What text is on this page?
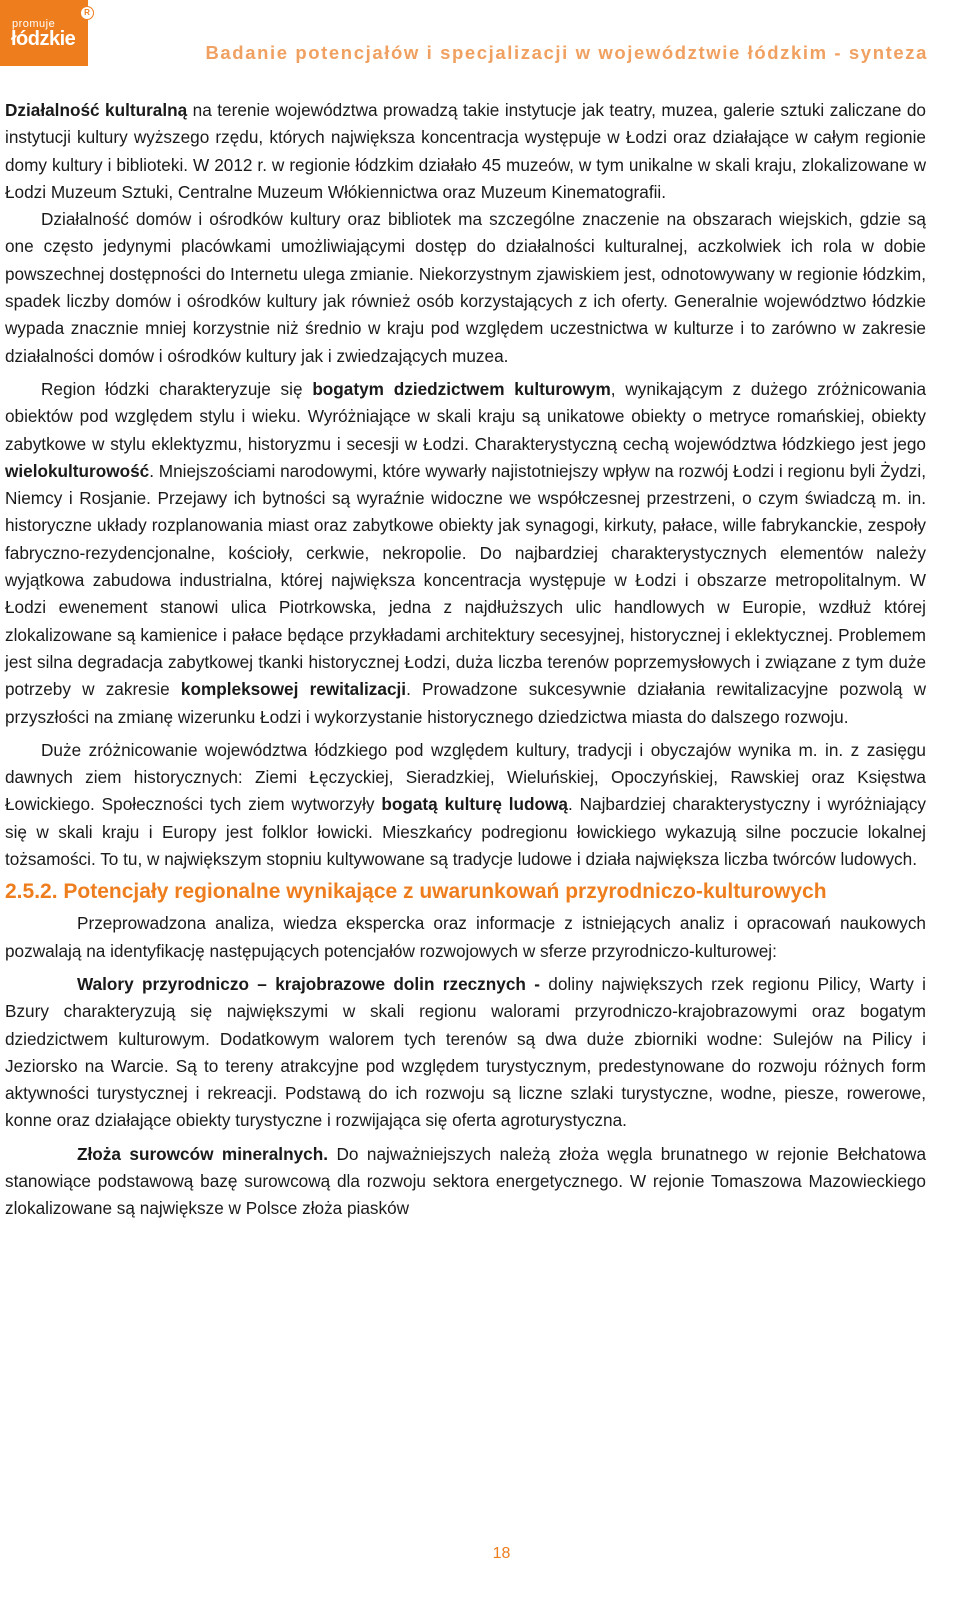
promuje
łódzkie
R
Badanie potencjałów i specjalizacji w województwie łódzkim - synteza

Działalność kulturalną na terenie województwa prowadzą takie instytucje jak teatry, muzea, galerie sztuki zaliczane do instytucji kultury wyższego rzędu, których największa koncentracja występuje w Łodzi oraz działające w całym regionie domy kultury i biblioteki. W 2012 r. w regionie łódzkim działało 45 muzeów, w tym unikalne w skali kraju, zlokalizowane w Łodzi Muzeum Sztuki, Centralne Muzeum Włókiennictwa oraz Muzeum Kinematografii.

Działalność domów i ośrodków kultury oraz bibliotek ma szczególne znaczenie na obszarach wiejskich, gdzie są one często jedynymi placówkami umożliwiającymi dostęp do działalności kulturalnej, aczkolwiek ich rola w dobie powszechnej dostępności do Internetu ulega zmianie. Niekorzystnym zjawiskiem jest, odnotowywany w regionie łódzkim, spadek liczby domów i ośrodków kultury jak również osób korzystających z ich oferty. Generalnie województwo łódzkie wypada znacznie mniej korzystnie niż średnio w kraju pod względem uczestnictwa w kulturze i to zarówno w zakresie działalności domów i ośrodków kultury jak i zwiedzających muzea.

Region łódzki charakteryzuje się bogatym dziedzictwem kulturowym, wynikającym z dużego zróżnicowania obiektów pod względem stylu i wieku. Wyróżniające w skali kraju są unikatowe obiekty o metryce romańskiej, obiekty zabytkowe w stylu eklektyzmu, historyzmu i secesji w Łodzi. Charakterystyczną cechą województwa łódzkiego jest jego wielokulturowość. Mniejszościami narodowymi, które wywarły najistotniejszy wpływ na rozwój Łodzi i regionu byli Żydzi, Niemcy i Rosjanie. Przejawy ich bytności są wyraźnie widoczne we współczesnej przestrzeni, o czym świadczą m. in. historyczne układy rozplanowania miast oraz zabytkowe obiekty jak synagogi, kirkuty, pałace, wille fabrykanckie, zespoły fabryczno-rezydencjonalne, kościoły, cerkwie, nekropolie. Do najbardziej charakterystycznych elementów należy wyjątkowa zabudowa industrialna, której największa koncentracja występuje w Łodzi i obszarze metropolitalnym. W Łodzi ewenement stanowi ulica Piotrkowska, jedna z najdłuższych ulic handlowych w Europie, wzdłuż której zlokalizowane są kamienice i pałace będące przykładami architektury secesyjnej, historycznej i eklektycznej. Problemem jest silna degradacja zabytkowej tkanki historycznej Łodzi, duża liczba terenów poprzemysłowych i związane z tym duże potrzeby w zakresie kompleksowej rewitalizacji. Prowadzone sukcesywnie działania rewitalizacyjne pozwolą w przyszłości na zmianę wizerunku Łodzi i wykorzystanie historycznego dziedzictwa miasta do dalszego rozwoju.

Duże zróżnicowanie województwa łódzkiego pod względem kultury, tradycji i obyczajów wynika m. in. z zasięgu dawnych ziem historycznych: Ziemi Łęczyckiej, Sieradzkiej, Wieluńskiej, Opoczyńskiej, Rawskiej oraz Księstwa Łowickiego. Społeczności tych ziem wytworzyły bogatą kulturę ludową. Najbardziej charakterystyczny i wyróżniający się w skali kraju i Europy jest folklor łowicki. Mieszkańcy podregionu łowickiego wykazują silne poczucie lokalnej tożsamości. To tu, w największym stopniu kultywowane są tradycje ludowe i działa największa liczba twórców ludowych.

2.5.2. Potencjały regionalne wynikające z uwarunkowań przyrodniczo-kulturowych

Przeprowadzona analiza, wiedza ekspercka oraz informacje z istniejących analiz i opracowań naukowych pozwalają na identyfikację następujących potencjałów rozwojowych w sferze przyrodniczo-kulturowej:

Walory przyrodniczo – krajobrazowe dolin rzecznych - doliny największych rzek regionu Pilicy, Warty i Bzury charakteryzują się największymi w skali regionu walorami przyrodniczo-krajobrazowymi oraz bogatym dziedzictwem kulturowym. Dodatkowym walorem tych terenów są dwa duże zbiorniki wodne: Sulejów na Pilicy i Jeziorsko na Warcie. Są to tereny atrakcyjne pod względem turystycznym, predestynowane do rozwoju różnych form aktywności turystycznej i rekreacji. Podstawą do ich rozwoju są liczne szlaki turystyczne, wodne, piesze, rowerowe, konne oraz działające obiekty turystyczne i rozwijająca się oferta agroturystyczna.

Złoża surowców mineralnych. Do najważniejszych należą złoża węgla brunatnego w rejonie Bełchatowa stanowiące podstawową bazę surowcową dla rozwoju sektora energetycznego. W rejonie Tomaszowa Mazowieckiego zlokalizowane są największe w Polsce złoża piasków

18
